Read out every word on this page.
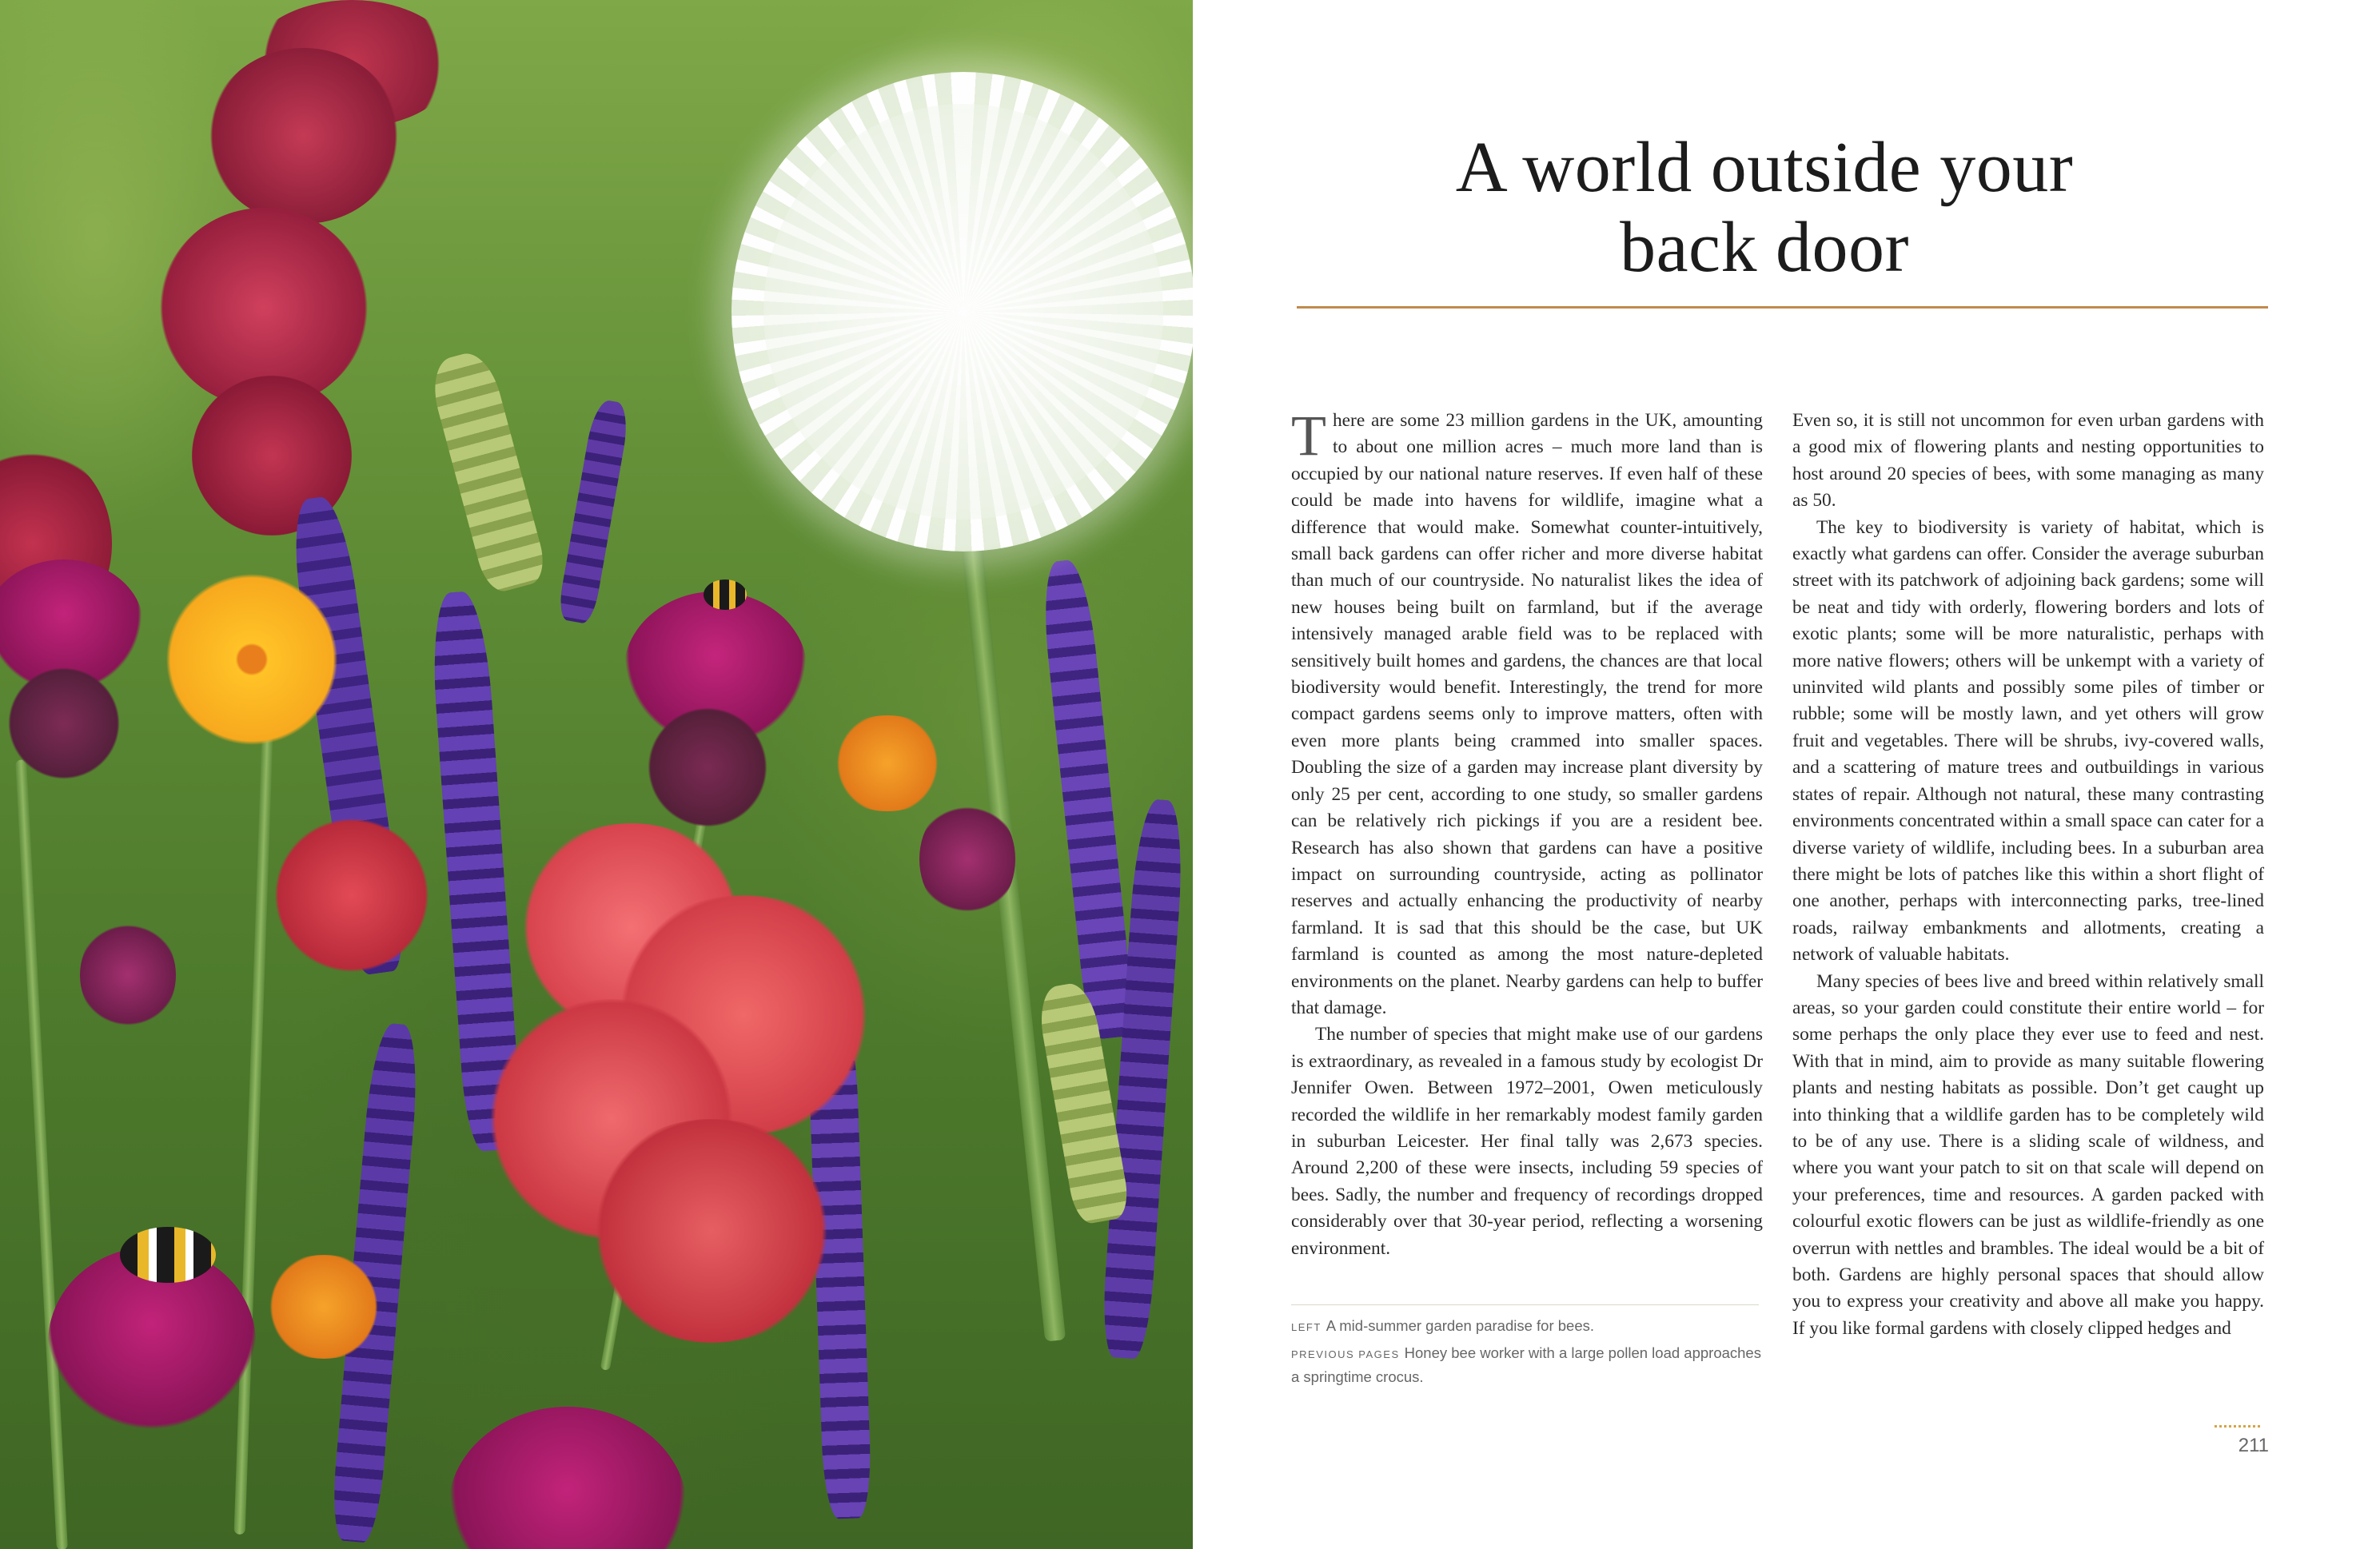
A world outside your
back door

There are some 23 million gardens in the UK, amounting to about one million acres – much more land than is occupied by our national nature reserves. If even half of these could be made into havens for wildlife, imagine what a difference that would make. Somewhat counter-intuitively, small back gardens can offer richer and more diverse habitat than much of our countryside. No naturalist likes the idea of new houses being built on farmland, but if the average intensively managed arable field was to be replaced with sensitively built homes and gardens, the chances are that local biodiversity would benefit. Interestingly, the trend for more compact gardens seems only to improve matters, often with even more plants being crammed into smaller spaces. Doubling the size of a garden may increase plant diversity by only 25 per cent, according to one study, so smaller gardens can be relatively rich pickings if you are a resident bee. Research has also shown that gardens can have a positive impact on surrounding countryside, acting as pollinator reserves and actually enhancing the productivity of nearby farmland. It is sad that this should be the case, but UK farmland is counted as among the most nature-depleted environments on the planet. Nearby gardens can help to buffer that damage.

The number of species that might make use of our gardens is extraordinary, as revealed in a famous study by ecologist Dr Jennifer Owen. Between 1972–2001, Owen meticulously recorded the wildlife in her remarkably modest family garden in suburban Leicester. Her final tally was 2,673 species. Around 2,200 of these were insects, including 59 species of bees. Sadly, the number and frequency of recordings dropped considerably over that 30-year period, reflecting a worsening environment.

Even so, it is still not uncommon for even urban gardens with a good mix of flowering plants and nesting opportunities to host around 20 species of bees, with some managing as many as 50.

The key to biodiversity is variety of habitat, which is exactly what gardens can offer. Consider the average suburban street with its patchwork of adjoining back gardens; some will be neat and tidy with orderly, flowering borders and lots of exotic plants; some will be more naturalistic, perhaps with more native flowers; others will be unkempt with a variety of uninvited wild plants and possibly some piles of timber or rubble; some will be mostly lawn, and yet others will grow fruit and vegetables. There will be shrubs, ivy-covered walls, and a scattering of mature trees and outbuildings in various states of repair. Although not natural, these many contrasting environments concentrated within a small space can cater for a diverse variety of wildlife, including bees. In a suburban area there might be lots of patches like this within a short flight of one another, perhaps with interconnecting parks, tree-lined roads, railway embankments and allotments, creating a network of valuable habitats.

Many species of bees live and breed within relatively small areas, so your garden could constitute their entire world – for some perhaps the only place they ever use to feed and nest. With that in mind, aim to provide as many suitable flowering plants and nesting habitats as possible. Don’t get caught up into thinking that a wildlife garden has to be completely wild to be of any use. There is a sliding scale of wildness, and where you want your patch to sit on that scale will depend on your preferences, time and resources. A garden packed with colourful exotic flowers can be just as wildlife-friendly as one overrun with nettles and brambles. The ideal would be a bit of both. Gardens are highly personal spaces that should allow you to express your creativity and above all make you happy. If you like formal gardens with closely clipped hedges and

LEFT A mid-summer garden paradise for bees.

PREVIOUS PAGES Honey bee worker with a large pollen load approaches a springtime crocus.

211
